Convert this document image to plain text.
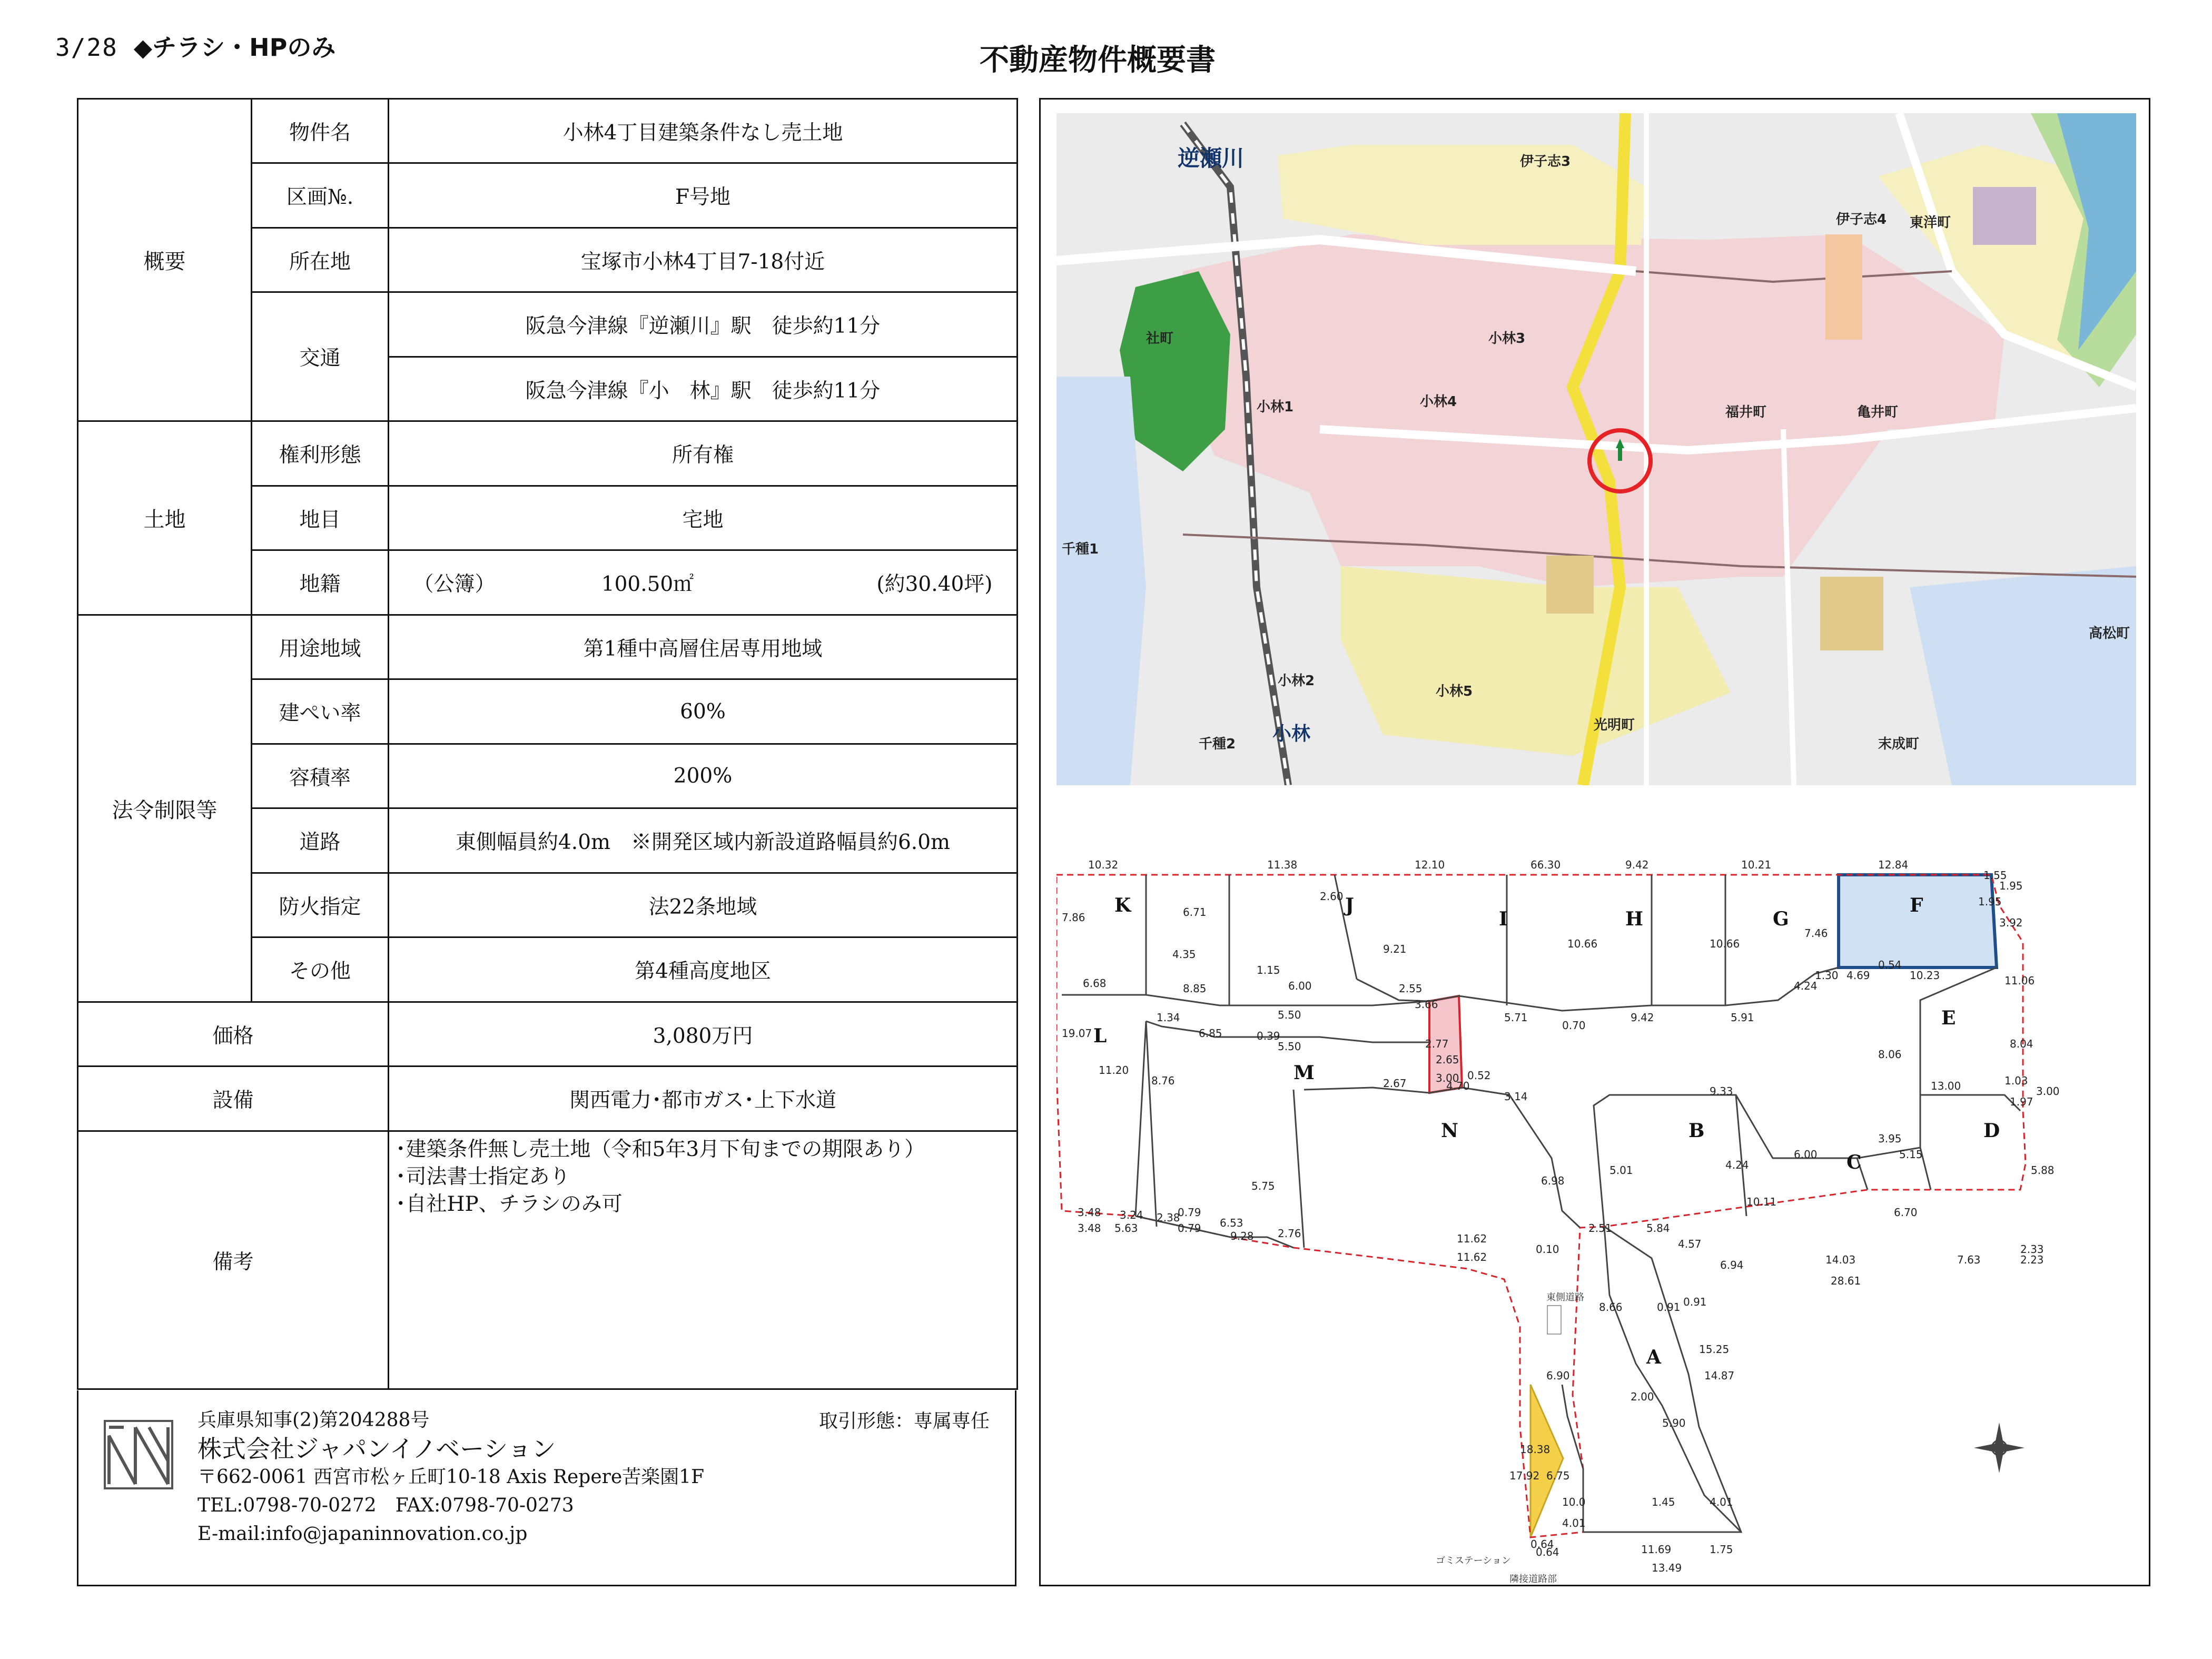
3/28 ◆チラシ・HPのみ	不動産物件概要書
概要	物件名	小林4丁目建築条件なし売土地
	区画№.	F号地
	所在地	宝塚市小林4丁目7-18付近
	交通	阪急今津線『逆瀬川』駅　徒歩約11分
		阪急今津線『小　林』駅　徒歩約11分
土地	権利形態	所有権
	地目	宅地
	地籍	（公簿） 100.50㎡ (約30.40坪)
法令制限等	用途地域	第1種中高層住居専用地域
	建ぺい率	60%
	容積率	200%
	道路	東側幅員約4.0m　※開発区域内新設道路幅員約6.0m
	防火指定	法22条地域
	その他	第4種高度地区
価格		3,080万円
設備		関西電力･都市ガス･上下水道
備考		･建築条件無し売土地（令和5年3月下旬までの期限あり）
･司法書士指定あり
･自社HP、チラシのみ可
兵庫県知事(2)第204288号
株式会社ジャパンイノベーション
〒662-0061 西宮市松ヶ丘町10-18 Axis Repere苦楽園1F
TEL:0798-70-0272　FAX:0798-70-0273
E-mail:info@japaninnovation.co.jp
取引形態：専属専任
逆瀬川	伊子志3
伊子志4 東洋町
社町
小林1
小林3
小林4
福井町	亀井町
千種1
小林2
小林5
光明町
末成町
千種2
高松町
小林
K	J
I	H	G
F
E
L
M
N	B
C
D
A
66.30
10.32	11.38	12.10	9.42	10.21	12.84
7.86	6.71
2.60
10.66	10.66
7.46
1.55
1.95
1.95
3.92
4.35
1.15
6.00
9.21
6.68	8.85
5.50
2.55
3.66
5.71
0.70
9.42	5.91
4.24
1.30 4.69
0.54
10.23	11.06
19.07
1.34
6.85	0.39
5.50	2.77
2.65
3.00 0.52
2.67	4.70
3.14
8.06
11.20
8.76
8.04
13.00	1.03
1.97
3.00
3.48
3.48
3.24 2.38
0.79
0.79
5.63	6.53
5.75
2.76
9.28	11.62
11.62
6.98
0.10
5.01
9.33
4.24
3.95
6.00	5.15
5.88
2.51	5.84
4.57
10.11
6.70
6.94	14.03	7.63
2.33
2.23
28.61
8.66	0.91 0.91
6.90
2.00
15.25
14.87
5.90
18.38
17.92 6.75
10.0	1.45	4.01
4.01
11.69	1.75
0.64
0.64
13.49
東側道路
ゴミステーション
隣接道路部
